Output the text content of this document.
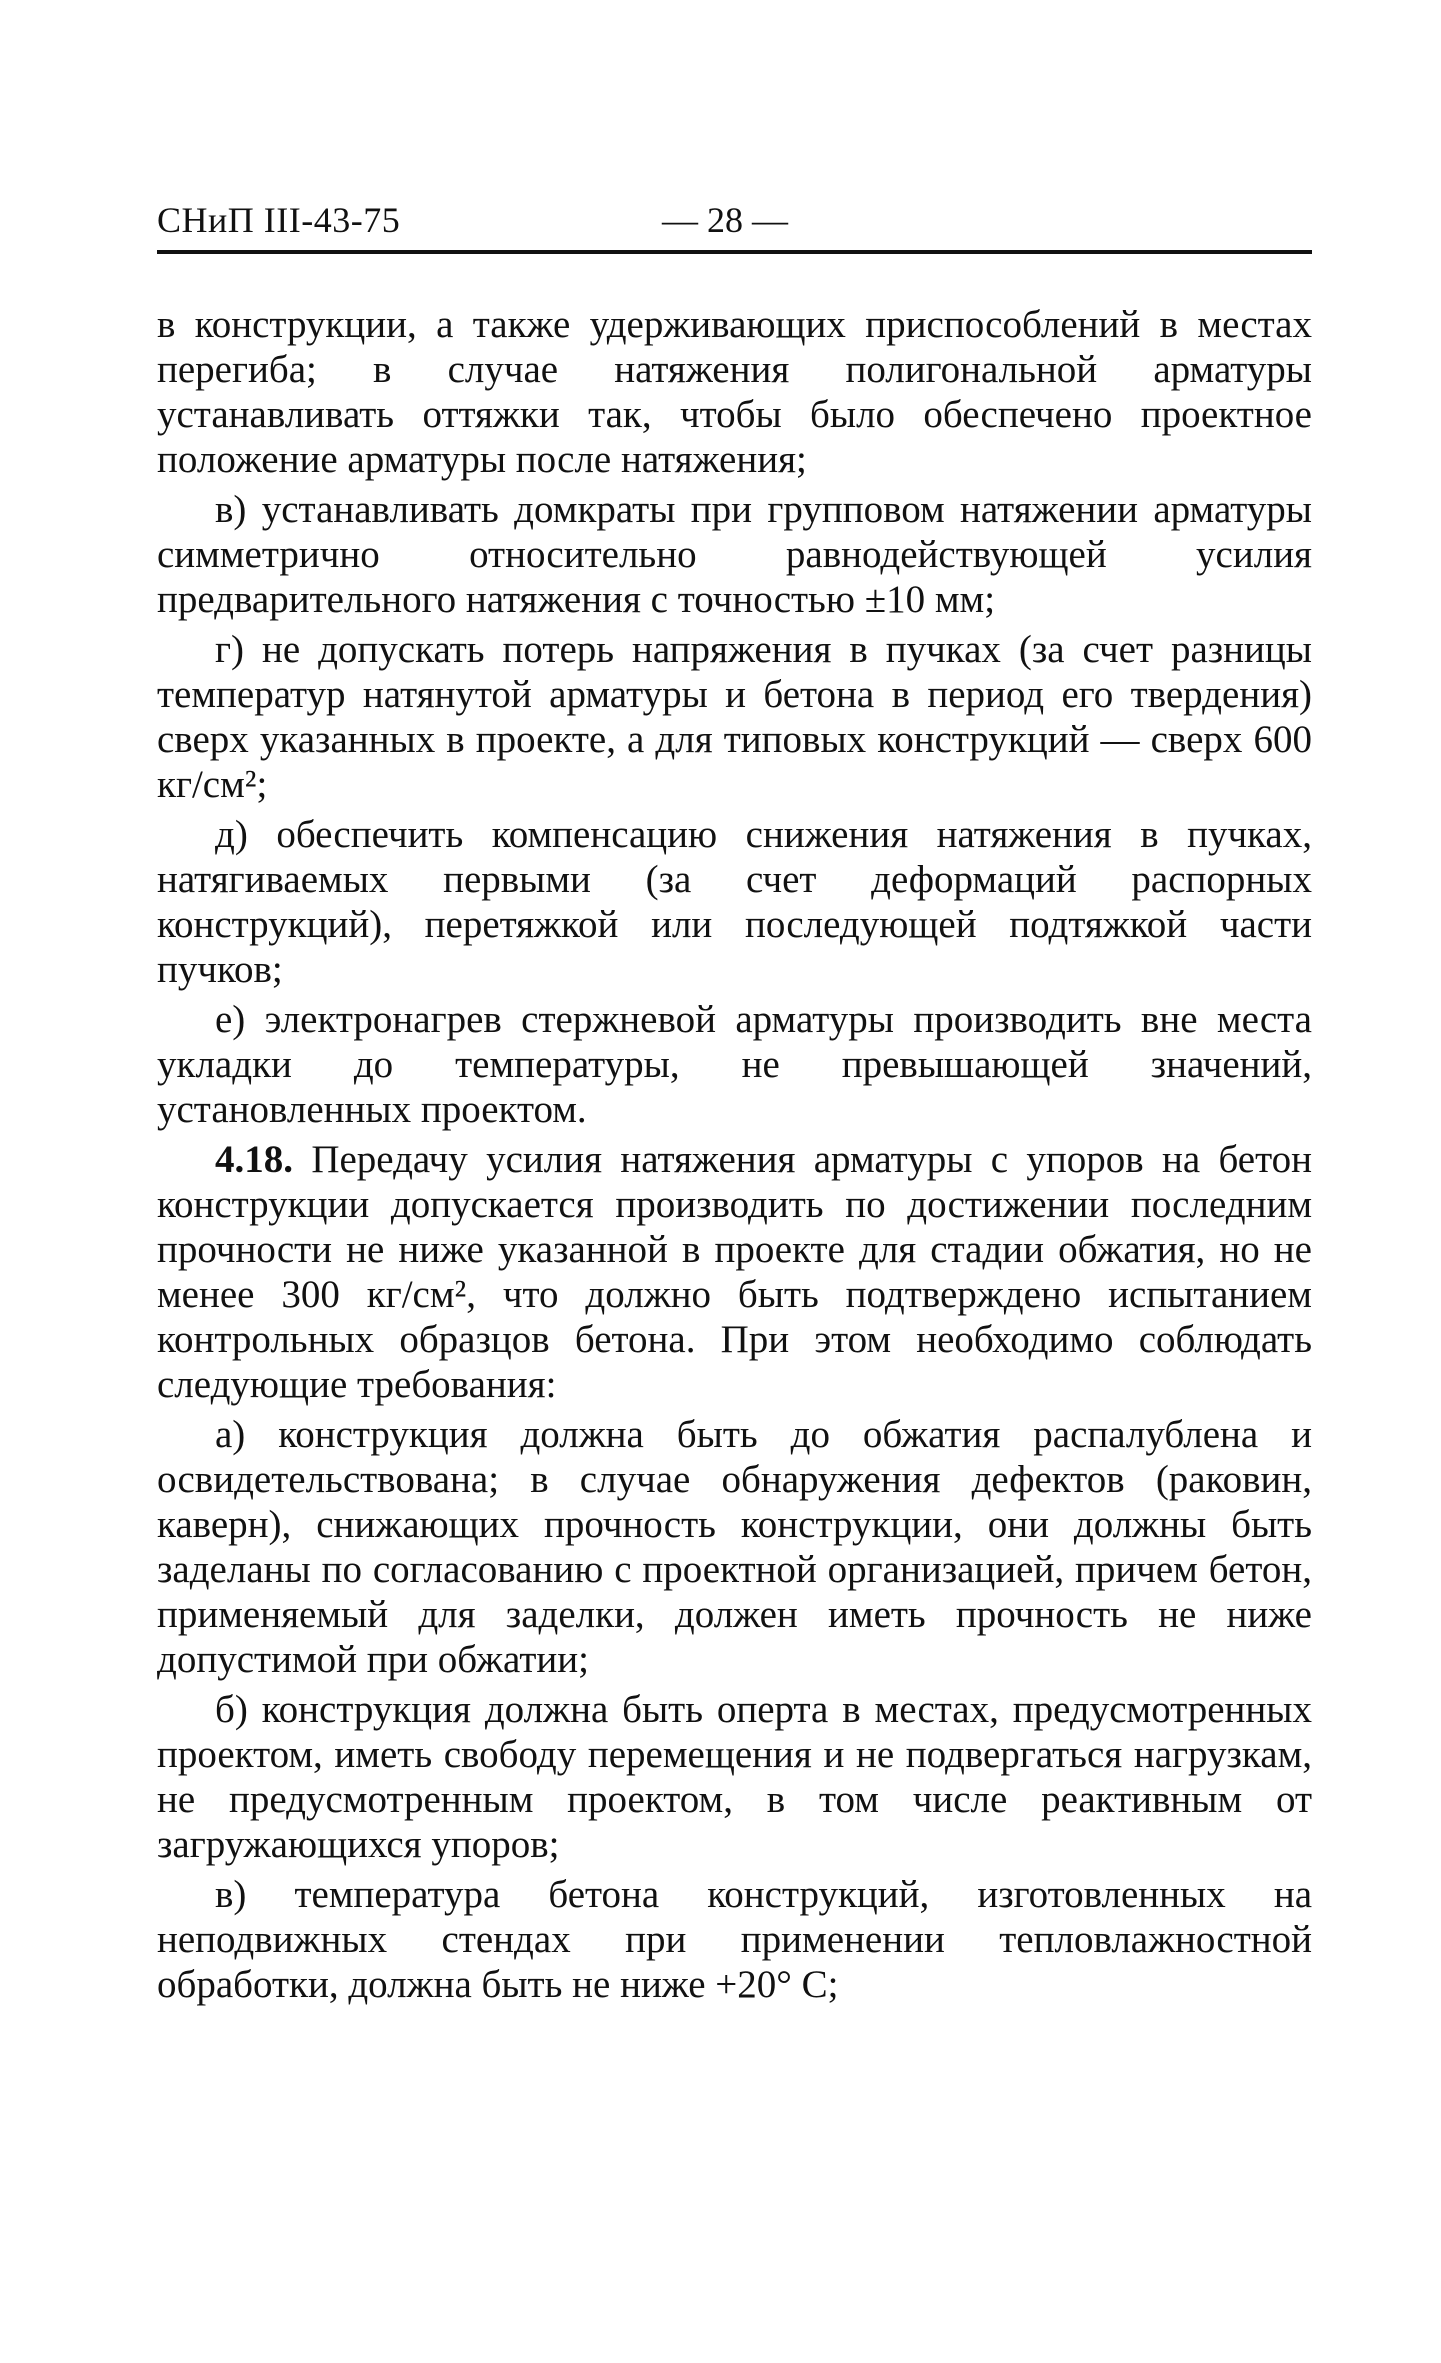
СНиП III-43-75	— 28 —

в конструкции, а также удерживающих приспособлений в местах перегиба; в случае натяжения полигональной арматуры устанавливать оттяжки так, чтобы было обеспечено проектное положение арматуры после натяжения;

в) устанавливать домкраты при групповом натяжении арматуры симметрично относительно равнодействующей усилия предварительного натяжения с точностью ±10 мм;

г) не допускать потерь напряжения в пучках (за счет разницы температур натянутой арматуры и бетона в период его твердения) сверх указанных в проекте, а для типовых конструкций — сверх 600 кг/см²;

д) обеспечить компенсацию снижения натяжения в пучках, натягиваемых первыми (за счет деформаций распорных конструкций), перетяжкой или последующей подтяжкой части пучков;

е) электронагрев стержневой арматуры производить вне места укладки до температуры, не превышающей значений, установленных проектом.

4.18. Передачу усилия натяжения арматуры с упоров на бетон конструкции допускается производить по достижении последним прочности не ниже указанной в проекте для стадии обжатия, но не менее 300 кг/см², что должно быть подтверждено испытанием контрольных образцов бетона. При этом необходимо соблюдать следующие требования:

а) конструкция должна быть до обжатия распалублена и освидетельствована; в случае обнаружения дефектов (раковин, каверн), снижающих прочность конструкции, они должны быть заделаны по согласованию с проектной организацией, причем бетон, применяемый для заделки, должен иметь прочность не ниже допустимой при обжатии;

б) конструкция должна быть оперта в местах, предусмотренных проектом, иметь свободу перемещения и не подвергаться нагрузкам, не предусмотренным проектом, в том числе реактивным от загружающихся упоров;

в) температура бетона конструкций, изготовленных на неподвижных стендах при применении тепловлажностной обработки, должна быть не ниже +20° С;
